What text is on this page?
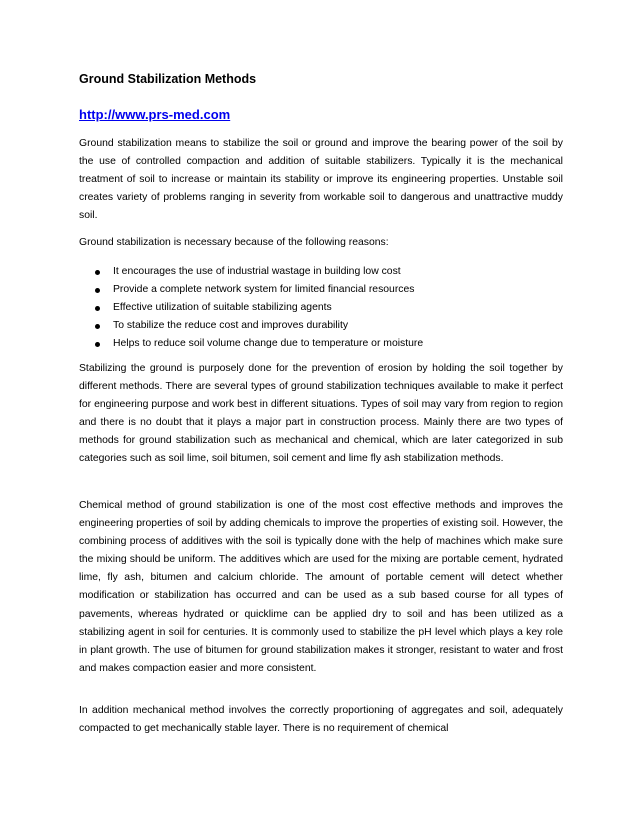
Ground Stabilization Methods
http://www.prs-med.com

Ground stabilization means to stabilize the soil or ground and improve the bearing power of the soil by the use of controlled compaction and addition of suitable stabilizers. Typically it is the mechanical treatment of soil to increase or maintain its stability or improve its engineering properties. Unstable soil creates variety of problems ranging in severity from workable soil to dangerous and unattractive muddy soil.

Ground stabilization is necessary because of the following reasons:

It encourages the use of industrial wastage in building low cost
Provide a complete network system for limited financial resources
Effective utilization of suitable stabilizing agents
To stabilize the reduce cost and improves durability
Helps to reduce soil volume change due to temperature or moisture

Stabilizing the ground is purposely done for the prevention of erosion by holding the soil together by different methods. There are several types of ground stabilization techniques available to make it perfect for engineering purpose and work best in different situations. Types of soil may vary from region to region and there is no doubt that it plays a major part in construction process. Mainly there are two types of methods for ground stabilization such as mechanical and chemical, which are later categorized in sub categories such as soil lime, soil bitumen, soil cement and lime fly ash stabilization methods.

Chemical method of ground stabilization is one of the most cost effective methods and improves the engineering properties of soil by adding chemicals to improve the properties of existing soil. However, the combining process of additives with the soil is typically done with the help of machines which make sure the mixing should be uniform. The additives which are used for the mixing are portable cement, hydrated lime, fly ash, bitumen and calcium chloride. The amount of portable cement will detect whether modification or stabilization has occurred and can be used as a sub based course for all types of pavements, whereas hydrated or quicklime can be applied dry to soil and has been utilized as a stabilizing agent in soil for centuries. It is commonly used to stabilize the pH level which plays a key role in plant growth. The use of bitumen for ground stabilization makes it stronger, resistant to water and frost and makes compaction easier and more consistent.

In addition mechanical method involves the correctly proportioning of aggregates and soil, adequately compacted to get mechanically stable layer. There is no requirement of chemical
